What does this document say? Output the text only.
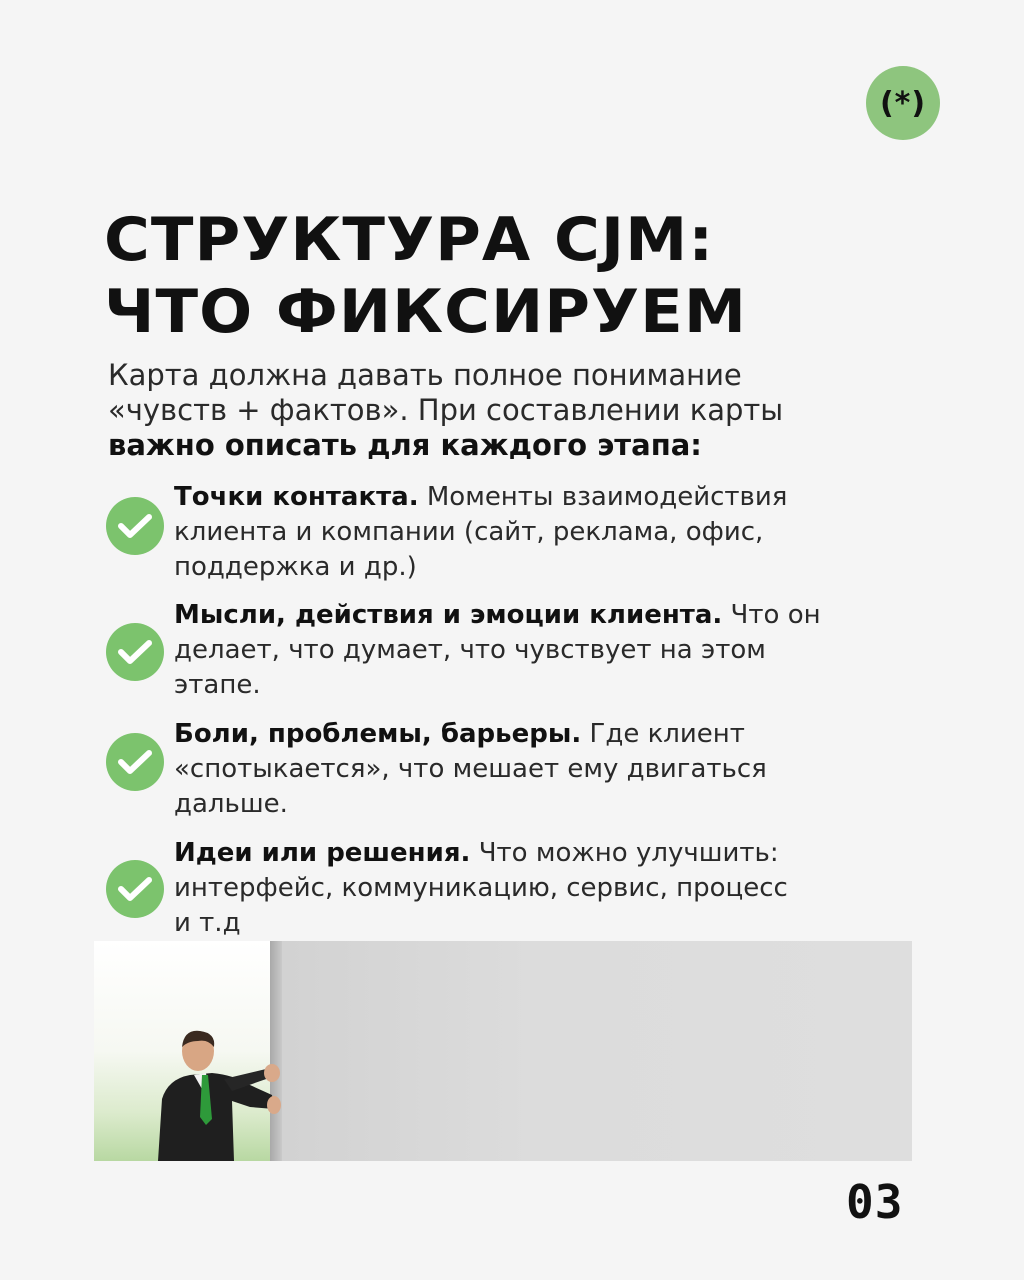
(*)
СТРУКТУРА CJM:
ЧТО ФИКСИРУЕМ

Карта должна давать полное понимание
«чувств + фактов». При составлении карты
важно описать для каждого этапа:

Точки контакта. Моменты взаимодействия
клиента и компании (сайт, реклама, офис,
поддержка и др.)
Мысли, действия и эмоции клиента. Что он
делает, что думает, что чувствует на этом
этапе.
Боли, проблемы, барьеры. Где клиент
«спотыкается», что мешает ему двигаться
дальше.
Идеи или решения. Что можно улучшить:
интерфейс, коммуникацию, сервис, процесс
и т.д
03
